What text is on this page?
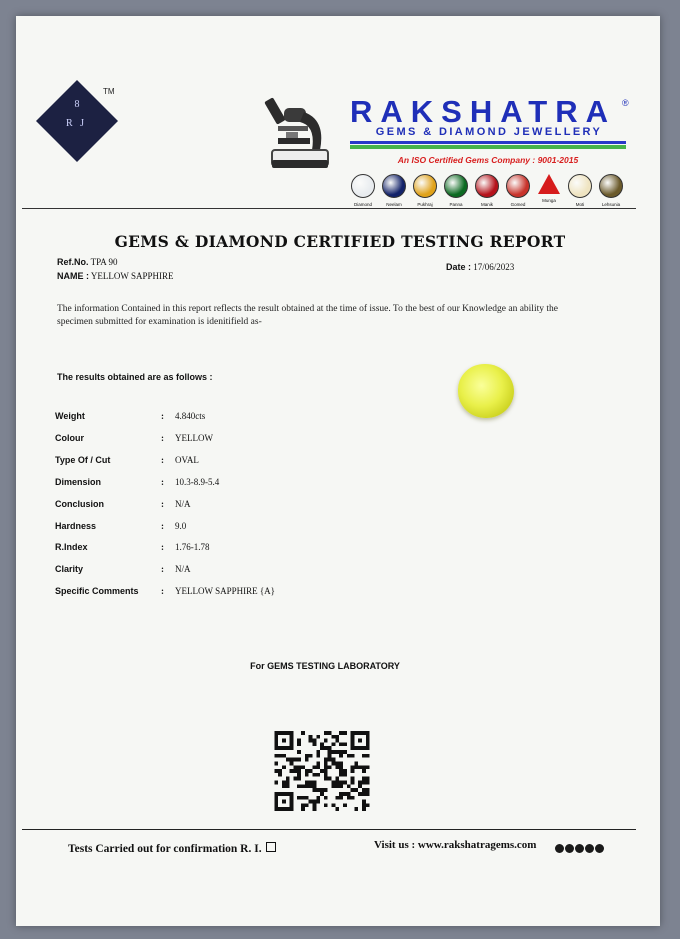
8
R   J
TM
RAKSHATRA ®
GEMS & DIAMOND JEWELLERY
An ISO Certified Gems Company : 9001-2015
Diamond	Neelam	Pukhraj	Panna	Manik	Gomed
Munga
Moti	Lehsunia
GEMS & DIAMOND CERTIFIED TESTING REPORT
Ref.No. TPA 90
NAME : YELLOW SAPPHIRE
Date : 17/06/2023
The information Contained in this report reflects the result obtained at the time of issue. To the best of our Knowledge an ability the specimen submitted for examination is idenitifield as-
The results obtained are as follows :

Weight	: 4.840cts
Colour	: YELLOW
Type Of / Cut	: OVAL
Dimension	: 10.3-8.9-5.4
Conclusion	: N/A
Hardness	: 9.0
R.Index	: 1.76-1.78
Clarity	: N/A
Specific Comments	: YELLOW SAPPHIRE {A}
For GEMS TESTING LABORATORY
Tests Carried out for confirmation R. I.	Visit us : www.rakshatragems.com
